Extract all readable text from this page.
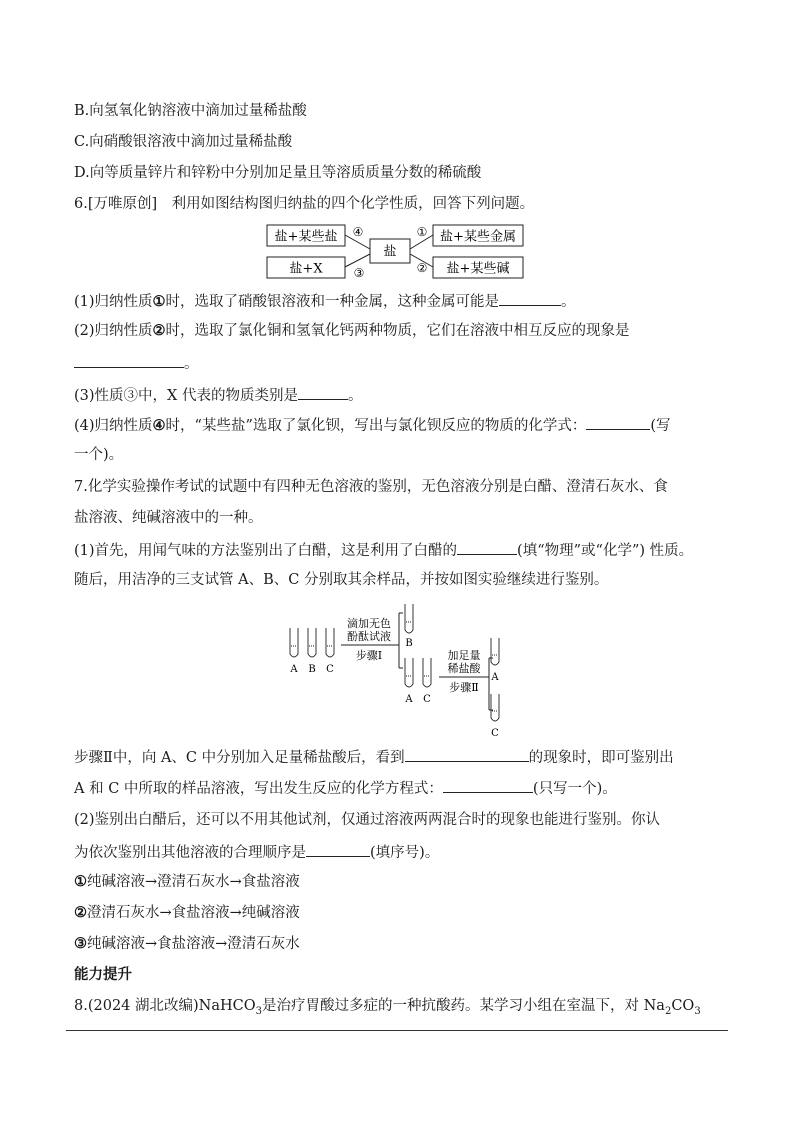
B.向氢氧化钠溶液中滴加过量稀盐酸
C.向硝酸银溶液中滴加过量稀盐酸
D.向等质量锌片和锌粉中分别加足量且等溶质质量分数的稀硫酸
6.[万唯原创]　利用如图结构图归纳盐的四个化学性质，回答下列问题。
盐+某些盐
盐+X
盐
盐+某些金属
盐+某些碱
④
③
①
②
(1)归纳性质①时，选取了硝酸银溶液和一种金属，这种金属可能是	。
(2)归纳性质②时，选取了氯化铜和氢氧化钙两种物质，它们在溶液中相互反应的现象是
。
(3)性质③中，X 代表的物质类别是	。
(4)归纳性质④时，“某些盐”选取了氯化钡，写出与氯化钡反应的物质的化学式：	(写
一个)。
7.化学实验操作考试的试题中有四种无色溶液的鉴别，无色溶液分别是白醋、澄清石灰水、食
盐溶液、纯碱溶液中的一种。
(1)首先，用闻气味的方法鉴别出了白醋，这是利用了白醋的	(填“物理”或“化学”) 性质。
随后，用洁净的三支试管 A、B、C 分别取其余样品，并按如图实验继续进行鉴别。
A B C
滴加无色
酚酞试液
步骤Ⅰ
B
A C
加足量
稀盐酸
步骤Ⅱ
A
C
步骤Ⅱ中，向 A、C 中分别加入足量稀盐酸后，看到	的现象时，即可鉴别出
A 和 C 中所取的样品溶液，写出发生反应的化学方程式：	(只写一个)。
(2)鉴别出白醋后，还可以不用其他试剂，仅通过溶液两两混合时的现象也能进行鉴别。你认
为依次鉴别出其他溶液的合理顺序是	(填序号)。
①纯碱溶液→澄清石灰水→食盐溶液
②澄清石灰水→食盐溶液→纯碱溶液
③纯碱溶液→食盐溶液→澄清石灰水
能力提升
8.(2024 湖北改编)NaHCO$_3$是治疗胃酸过多症的一种抗酸药。某学习小组在室温下，对 $Na_2CO_3$
